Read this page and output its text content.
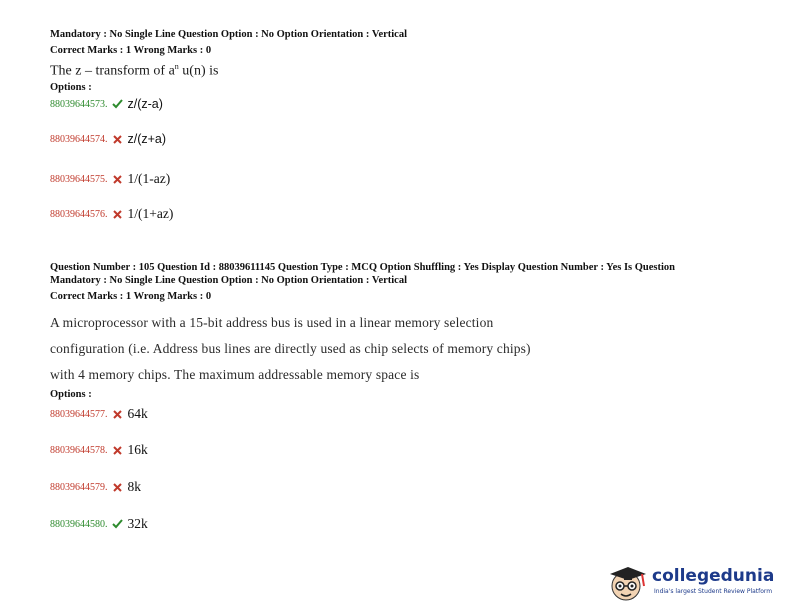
Mandatory : No Single Line Question Option : No Option Orientation : Vertical
Correct Marks : 1 Wrong Marks : 0
The z – transform of $a^n$ u(n) is
Options :
88039644573. z/(z-a)
88039644574. z/(z+a)
88039644575. 1/(1-az)
88039644576. 1/(1+az)
Question Number : 105 Question Id : 88039611145 Question Type : MCQ Option Shuffling : Yes Display Question Number : Yes Is Question
Mandatory : No Single Line Question Option : No Option Orientation : Vertical
Correct Marks : 1 Wrong Marks : 0
A microprocessor with a 15-bit address bus is used in a linear memory selection
configuration (i.e. Address bus lines are directly used as chip selects of memory chips)
with 4 memory chips. The maximum addressable memory space is
Options :
88039644577. 64k
88039644578. 16k
88039644579. 8k
88039644580. 32k
collegedunia
India's largest Student Review Platform
